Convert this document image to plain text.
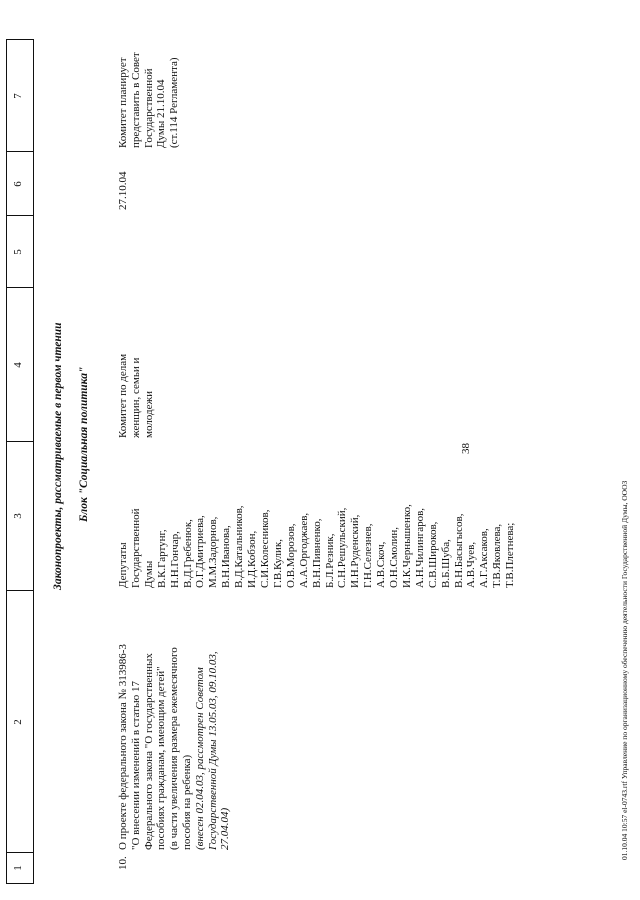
1
2
3
4
5
6
7
38
Законопроекты, рассматриваемые в первом чтении Блок "Социальная политика"
10.
О проекте федерального закона № 313986-3 "О внесении изменений в статью 17 Федерального закона "О государственных пособиях гражданам, имеющим детей" (в части увеличения размера ежемесячного пособия на ребенка) (внесен 02.04.03, рассмотрен Советом Государственной Думы 13.05.03, 09.10.03, 27.04.04)
Депутаты Государственной Думы В.К.Гартунг, Н.Н.Гончар, В.Д.Гребенюк, О.Г.Дмитриева, М.М.Задорнов, В.Н.Иванова, В.Д.Катальников, И.Д.Кобзон, С.И.Колесников, Г.В.Кулик, О.В.Морозов, А.А.Оргоджаев, В.Н.Пивненко, Б.Л.Резник, С.Н.Решульский, И.Н.Руденский, Г.Н.Селезнев, А.В.Скоч, О.Н.Смолин, И.К.Чернышенко, А.Н.Чилингаров, С.В.Широков, В.Б.Шуба, В.Н.Басыгысов, А.В.Чуев, А.Г.Аксаков, Т.В.Яковлева, Т.В.Плетнева;
Комитет по делам женщин, семьи и молодежи
27.10.04
Комитет планирует представить в Совет Государственной Думы 21.10.04 (ст.114 Регламента)
01.10.04 10:57 el-0743.rtf Управление по организационному обеспечению деятельности Государственной Думы, ООО3
